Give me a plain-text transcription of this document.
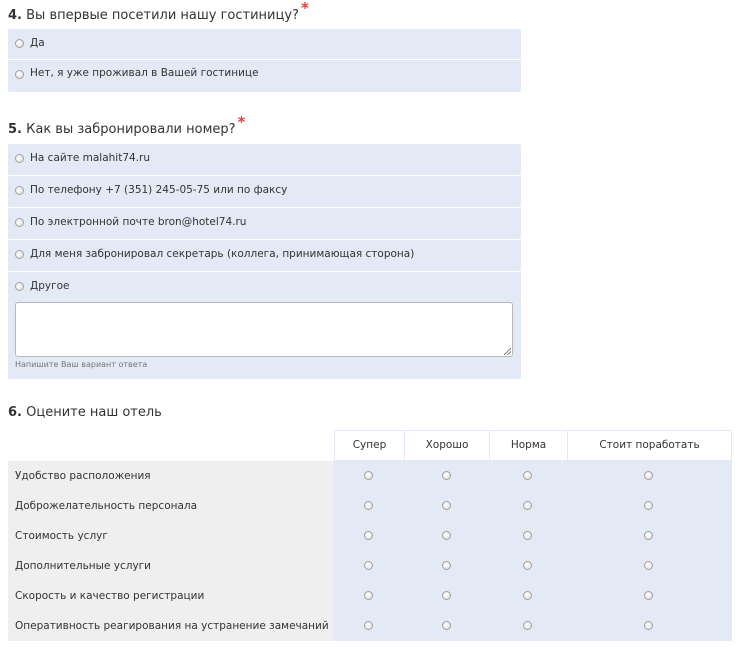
4. Вы впервые посетили нашу гостиницу? *
Да
Нет, я уже проживал в Вашей гостинице
5. Как вы забронировали номер? *
На сайте malahit74.ru
По телефону +7 (351) 245-05-75 или по факсу
По электронной почте bron@hotel74.ru
Для меня забронировал секретарь (коллега, принимающая сторона)
Другое
Напишите Ваш вариант ответа
6. Оцените наш отель
Супер	Хорошо	Норма	Стоит поработать
Удобство расположения
Доброжелательность персонала
Стоимость услуг
Дополнительные услуги
Скорость и качество регистрации
Оперативность реагирования на устранение замечаний
